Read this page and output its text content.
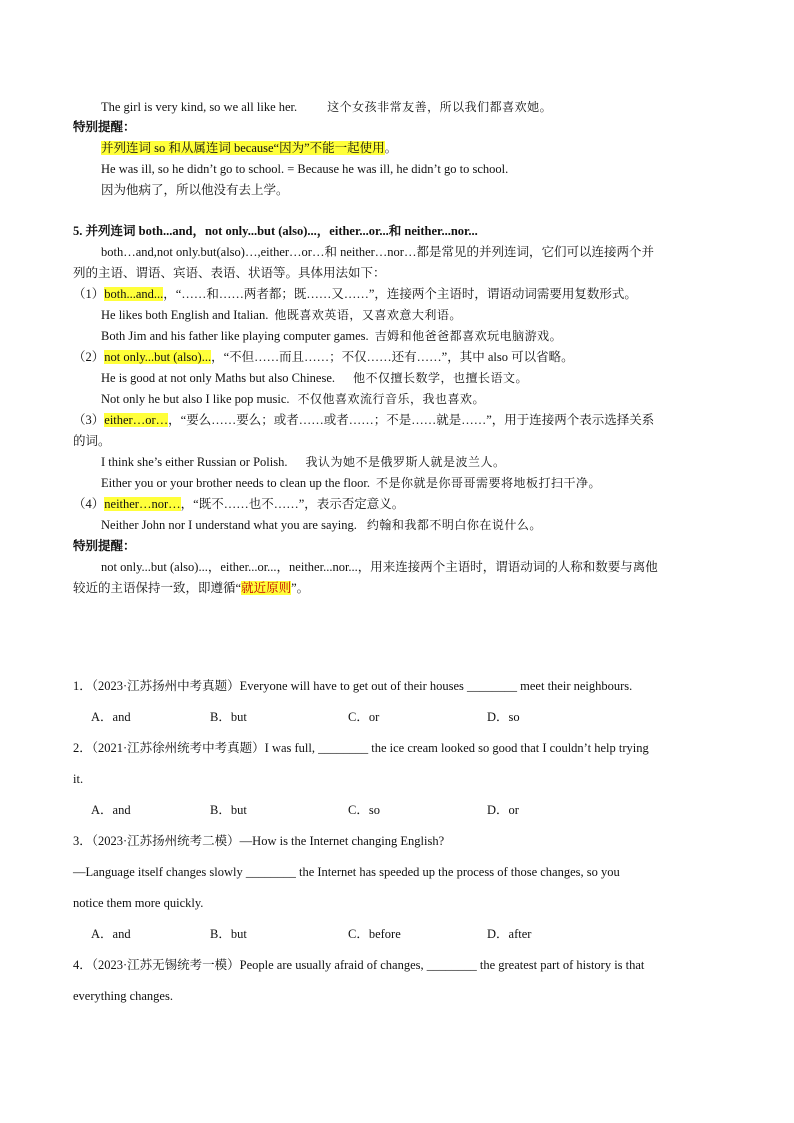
The girl is very kind, so we all like her.	这个女孩非常友善，所以我们都喜欢她。
特别提醒：
并列连词 so 和从属连词 because“因为”不能一起使用。
He was ill, so he didn’t go to school. = Because he was ill, he didn’t go to school.
因为他病了，所以他没有去上学。
5. 并列连词 both...and，not only...but (also)...，either...or...和 neither...nor...
both…and,not only.but(also)…,either…or…和 neither…nor…都是常见的并列连词，它们可以连接两个并
列的主语、谓语、宾语、表语、状语等。具体用法如下：
（1）both...and...，“……和……两者都；既……又……”，连接两个主语时，谓语动词需要用复数形式。
He likes both English and Italian. 他既喜欢英语，又喜欢意大利语。
Both Jim and his father like playing computer games. 吉姆和他爸爸都喜欢玩电脑游戏。
（2）not only...but (also)...，“不但……而且……；不仅……还有……”，其中 also 可以省略。
He is good at not only Maths but also Chinese. 他不仅擅长数学，也擅长语文。
Not only he but also I like pop music. 不仅他喜欢流行音乐，我也喜欢。
（3）either…or…，“要么……要么；或者……或者……；不是……就是……”，用于连接两个表示选择关系
的词。
I think she’s either Russian or Polish. 我认为她不是俄罗斯人就是波兰人。
Either you or your brother needs to clean up the floor. 不是你就是你哥哥需要将地板打扫干净。
（4）neither…nor…，“既不……也不……”，表示否定意义。
Neither John nor I understand what you are saying. 约翰和我都不明白你在说什么。
特别提醒：
not only...but (also)...，either...or...，neither...nor...，用来连接两个主语时，谓语动词的人称和数要与离他
较近的主语保持一致，即遵循“就近原则”。
1．（2023·江苏扬州中考真题）Everyone will have to get out of their houses ________ meet their neighbours.
A．and	B．but	C．or	D．so
2．（2021·江苏徐州统考中考真题）I was full, ________ the ice cream looked so good that I couldn’t help trying
it.
A．and	B．but	C．so	D．or
3．（2023·江苏扬州统考二模）—How is the Internet changing English?
—Language itself changes slowly ________ the Internet has speeded up the process of those changes, so you
notice them more quickly.
A．and	B．but	C．before	D．after
4．（2023·江苏无锡统考一模）People are usually afraid of changes, ________ the greatest part of history is that
everything changes.
